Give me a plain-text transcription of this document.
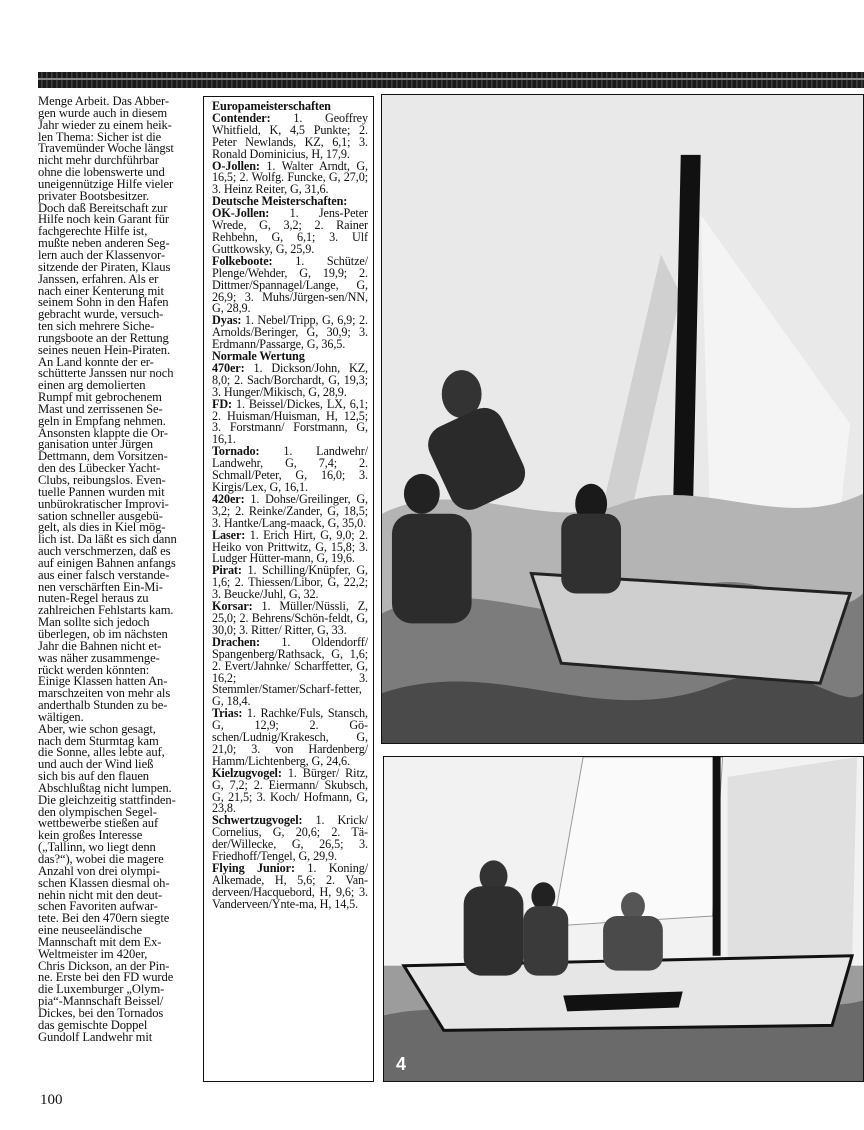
Menge Arbeit. Das Abber-

gen wurde auch in diesem

Jahr wieder zu einem heik-

len Thema: Sicher ist die

Travemünder Woche längst

nicht mehr durchführbar

ohne die lobenswerte und

uneigennützige Hilfe vieler

privater Bootsbesitzer.

Doch daß Bereitschaft zur

Hilfe noch kein Garant für

fachgerechte Hilfe ist,

mußte neben anderen Seg-

lern auch der Klassenvor-

sitzende der Piraten, Klaus

Janssen, erfahren. Als er

nach einer Kenterung mit

seinem Sohn in den Hafen

gebracht wurde, versuch-

ten sich mehrere Siche-

rungsboote an der Rettung

seines neuen Hein-Piraten.

An Land konnte der er-

schütterte Janssen nur noch

einen arg demolierten

Rumpf mit gebrochenem

Mast und zerrissenen Se-

geln in Empfang nehmen.

Ansonsten klappte die Or-

ganisation unter Jürgen

Dettmann, dem Vorsitzen-

den des Lübecker Yacht-

Clubs, reibungslos. Even-

tuelle Pannen wurden mit

unbürokratischer Improvi-

sation schneller ausgebü-

gelt, als dies in Kiel mög-

lich ist. Da läßt es sich dann

auch verschmerzen, daß es

auf einigen Bahnen anfangs

aus einer falsch verstande-

nen verschärften Ein-Mi-

nuten-Regel heraus zu

zahlreichen Fehlstarts kam.

Man sollte sich jedoch

überlegen, ob im nächsten

Jahr die Bahnen nicht et-

was näher zusammenge-

rückt werden könnten:

Einige Klassen hatten An-

marschzeiten von mehr als

anderthalb Stunden zu be-

wältigen.

Aber, wie schon gesagt,

nach dem Sturmtag kam

die Sonne, alles lebte auf,

und auch der Wind ließ

sich bis auf den flauen

Abschlußtag nicht lumpen.

Die gleichzeitig stattfinden-

den olympischen Segel-

wettbewerbe stießen auf

kein großes Interesse

(„Tallinn, wo liegt denn

das?“), wobei die magere

Anzahl von drei olympi-

schen Klassen diesmal oh-

nehin nicht mit den deut-

schen Favoriten aufwar-

tete. Bei den 470ern siegte

eine neuseeländische

Mannschaft mit dem Ex-

Weltmeister im 420er,

Chris Dickson, an der Pin-

ne. Erste bei den FD wurde

die Luxemburger „Olym-

pia“-Mannschaft Beissel/

Dickes, bei den Tornados

das gemischte Doppel

Gundolf Landwehr mit

Europameisterschaften
Contender: 1. Geoffrey Whitfield, K, 4,5 Punkte; 2. Peter Newlands, KZ, 6,1; 3. Ronald Dominicius, H, 17,9.
O-Jollen: 1. Walter Arndt, G, 16,5; 2. Wolfg. Funcke, G, 27,0; 3. Heinz Reiter, G, 31,6.
Deutsche Meisterschaften:
OK-Jollen: 1. Jens-Peter Wrede, G, 3,2; 2. Rainer Rehbehn, G, 6,1; 3. Ulf Guttkowsky, G, 25,9.
Folkeboote: 1. Schütze/ Plenge/Wehder, G, 19,9; 2. Dittmer/Spannagel/Lange, G, 26,9; 3. Muhs/Jürgen-sen/NN, G, 28,9.
Dyas: 1. Nebel/Tripp, G, 6,9; 2. Arnolds/Beringer, G, 30,9; 3. Erdmann/Passarge, G, 36,5.
Normale Wertung
470er: 1. Dickson/John, KZ, 8,0; 2. Sach/Borchardt, G, 19,3; 3. Hunger/Mikisch, G, 28,9.
FD: 1. Beissel/Dickes, LX, 6,1; 2. Huisman/Huisman, H, 12,5; 3. Forstmann/ Forstmann, G, 16,1.
Tornado: 1. Landwehr/ Landwehr, G, 7,4; 2. Schmall/Peter, G, 16,0; 3. Kirgis/Lex, G, 16,1.
420er: 1. Dohse/Greilinger, G, 3,2; 2. Reinke/Zander, G, 18,5; 3. Hantke/Lang-maack, G, 35,0.
Laser: 1. Erich Hirt, G, 9,0; 2. Heiko von Prittwitz, G, 15,8; 3. Ludger Hütter-mann, G, 19,6.
Pirat: 1. Schilling/Knüpfer, G, 1,6; 2. Thiessen/Libor, G, 22,2; 3. Beucke/Juhl, G, 32.
Korsar: 1. Müller/Nüssli, Z, 25,0; 2. Behrens/Schön-feldt, G, 30,0; 3. Ritter/ Ritter, G, 33.
Drachen: 1. Oldendorff/ Spangenberg/Rathsack, G, 1,6; 2. Evert/Jahnke/ Scharffetter, G, 16,2; 3. Stemmler/Stamer/Scharf-fetter, G, 18,4.
Trias: 1. Rachke/Fuls, Stansch, G, 12,9; 2. Gö-schen/Ludnig/Krakesch, G, 21,0; 3. von Hardenberg/ Hamm/Lichtenberg, G, 24,6.
Kielzugvogel: 1. Bürger/ Ritz, G, 7,2; 2. Eiermann/ Skubsch, G, 21,5; 3. Koch/ Hofmann, G, 23,8.
Schwertzugvogel: 1. Krick/ Cornelius, G, 20,6; 2. Tä-der/Willecke, G, 26,5; 3. Friedhoff/Tengel, G, 29,9.
Flying Junior: 1. Koning/ Alkemade, H, 5,6; 2. Van-derveen/Hacquebord, H, 9,6; 3. Vanderveen/Ynte-ma, H, 14,5.
4
100
